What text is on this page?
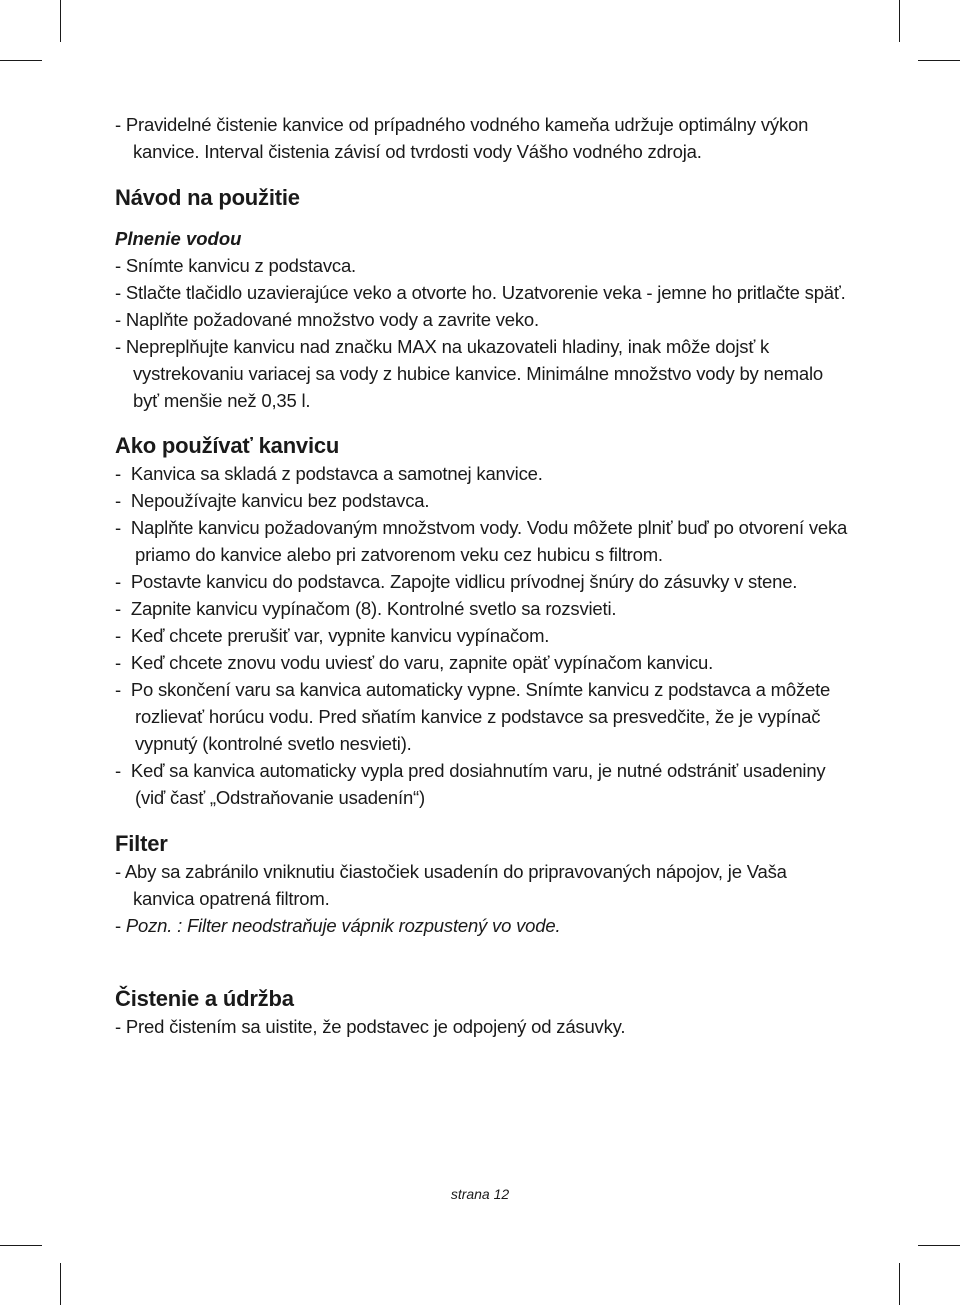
- Pravidelné čistenie kanvice od prípadného vodného kameňa udržuje optimálny výkon kanvice. Interval čistenia závisí od tvrdosti vody Vášho vodného zdroja.

Návod na použitie

Plnenie vodou

- Snímte kanvicu z podstavca.

- Stlačte tlačidlo uzavierajúce veko a otvorte ho. Uzatvorenie veka - jemne ho pritlačte späť.

- Naplňte požadované množstvo vody a zavrite veko.

- Nepreplňujte kanvicu nad značku MAX na ukazovateli hladiny, inak môže dojsť k vystrekovaniu variacej sa vody z hubice kanvice. Minimálne množstvo vody by nemalo byť menšie než 0,35 l.

Ako používať kanvicu

-  Kanvica sa skladá z podstavca a samotnej kanvice.

-  Nepoužívajte kanvicu bez podstavca.

-  Naplňte kanvicu požadovaným množstvom vody. Vodu môžete plniť buď po otvorení veka priamo do kanvice alebo pri zatvorenom veku cez hubicu s filtrom.

-  Postavte kanvicu do podstavca. Zapojte vidlicu prívodnej šnúry do zásuvky v stene.

-  Zapnite kanvicu vypínačom (8). Kontrolné svetlo sa rozsvieti.

-  Keď chcete prerušiť var, vypnite kanvicu vypínačom.

-  Keď chcete znovu vodu uviesť do varu, zapnite opäť vypínačom kanvicu.

-  Po skončení varu sa kanvica automaticky vypne. Snímte kanvicu z podstavca a môžete rozlievať horúcu vodu. Pred sňatím kanvice z podstavce sa presvedčite, že je vypínač vypnutý (kontrolné svetlo nesvieti).

-  Keď sa kanvica automaticky vypla pred dosiahnutím varu, je nutné odstrániť usadeniny (viď časť „Odstraňovanie usadenín“)

Filter

- Aby sa zabránilo vniknutiu čiastočiek usadenín do pripravovaných nápojov, je Vaša kanvica opatrená filtrom.

- Pozn. : Filter neodstraňuje vápnik rozpustený vo vode.

Čistenie a údržba

- Pred čistením sa uistite, že podstavec je odpojený od zásuvky.

strana 12
